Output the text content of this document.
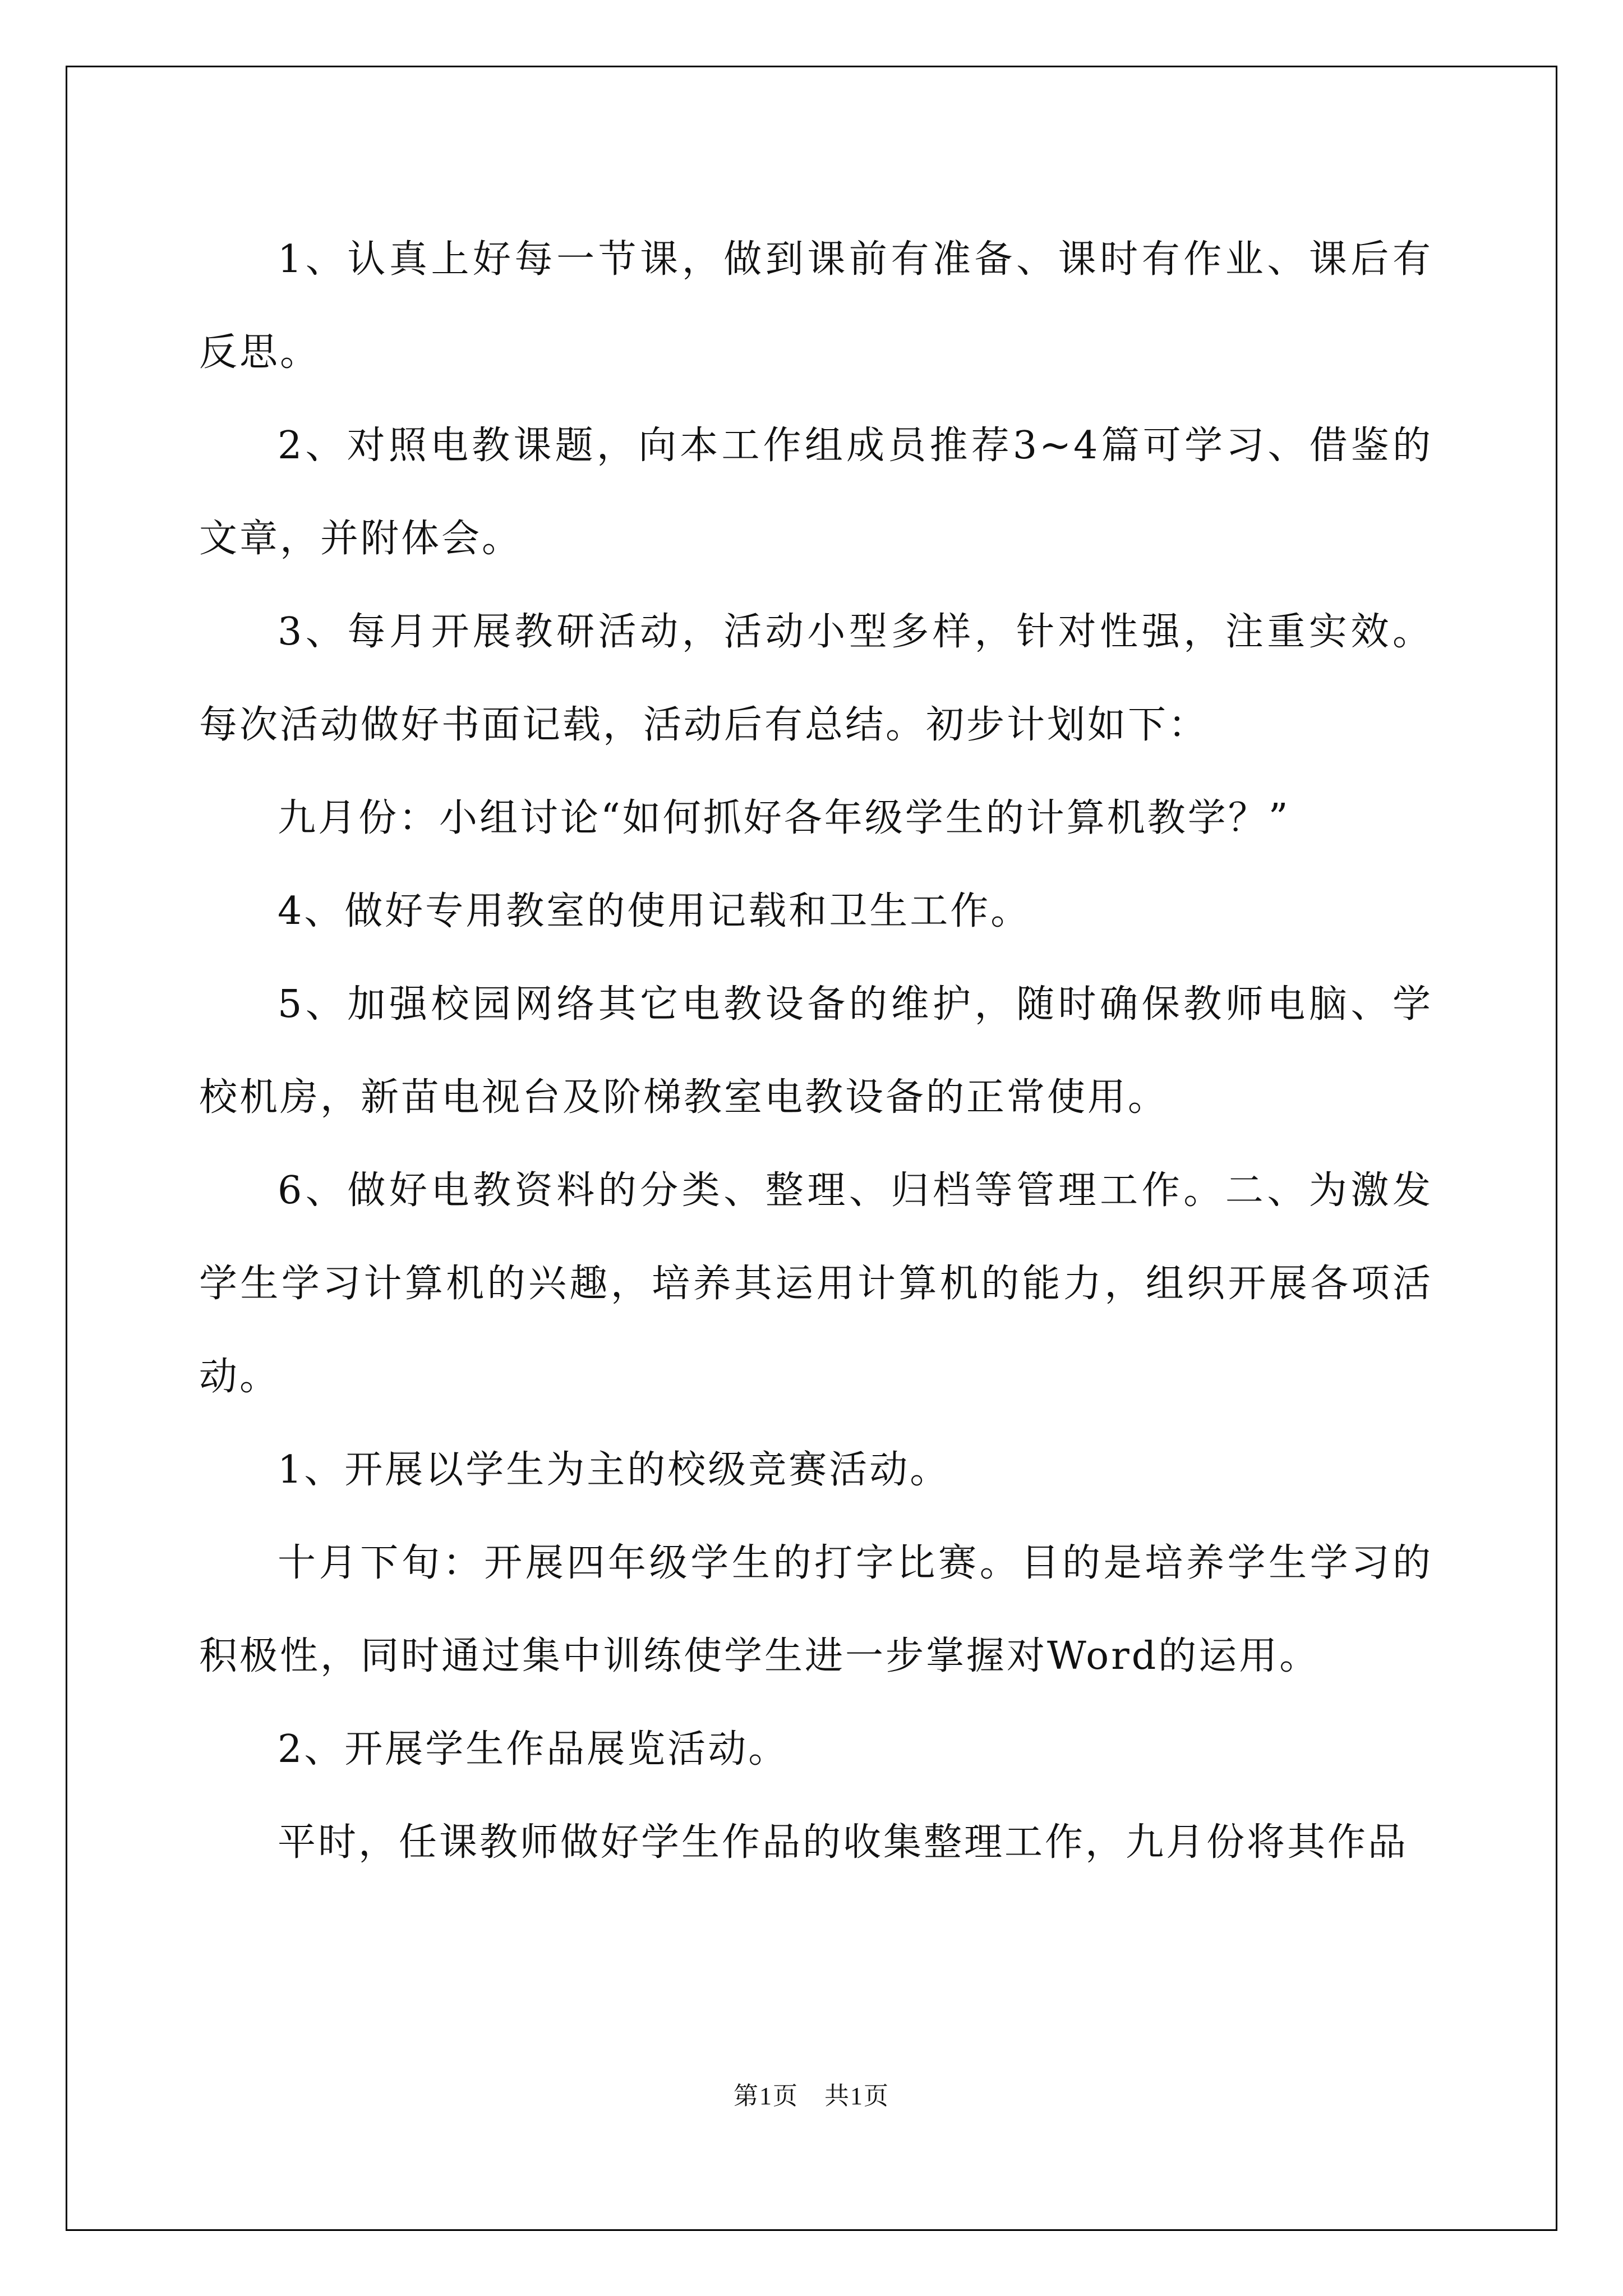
1、认真上好每一节课，做到课前有准备、课时有作业、课后有反思。

2、对照电教课题，向本工作组成员推荐3~4篇可学习、借鉴的文章，并附体会。

3、每月开展教研活动，活动小型多样，针对性强，注重实效。每次活动做好书面记载，活动后有总结。初步计划如下：

九月份：小组讨论“如何抓好各年级学生的计算机教学？”

4、做好专用教室的使用记载和卫生工作。

5、加强校园网络其它电教设备的维护，随时确保教师电脑、学校机房，新苗电视台及阶梯教室电教设备的正常使用。

6、做好电教资料的分类、整理、归档等管理工作。二、为激发学生学习计算机的兴趣，培养其运用计算机的能力，组织开展各项活动。

1、开展以学生为主的校级竞赛活动。

十月下旬：开展四年级学生的打字比赛。目的是培养学生学习的积极性，同时通过集中训练使学生进一步掌握对Word的运用。

2、开展学生作品展览活动。

平时，任课教师做好学生作品的收集整理工作，九月份将其作品

第1页　共1页
